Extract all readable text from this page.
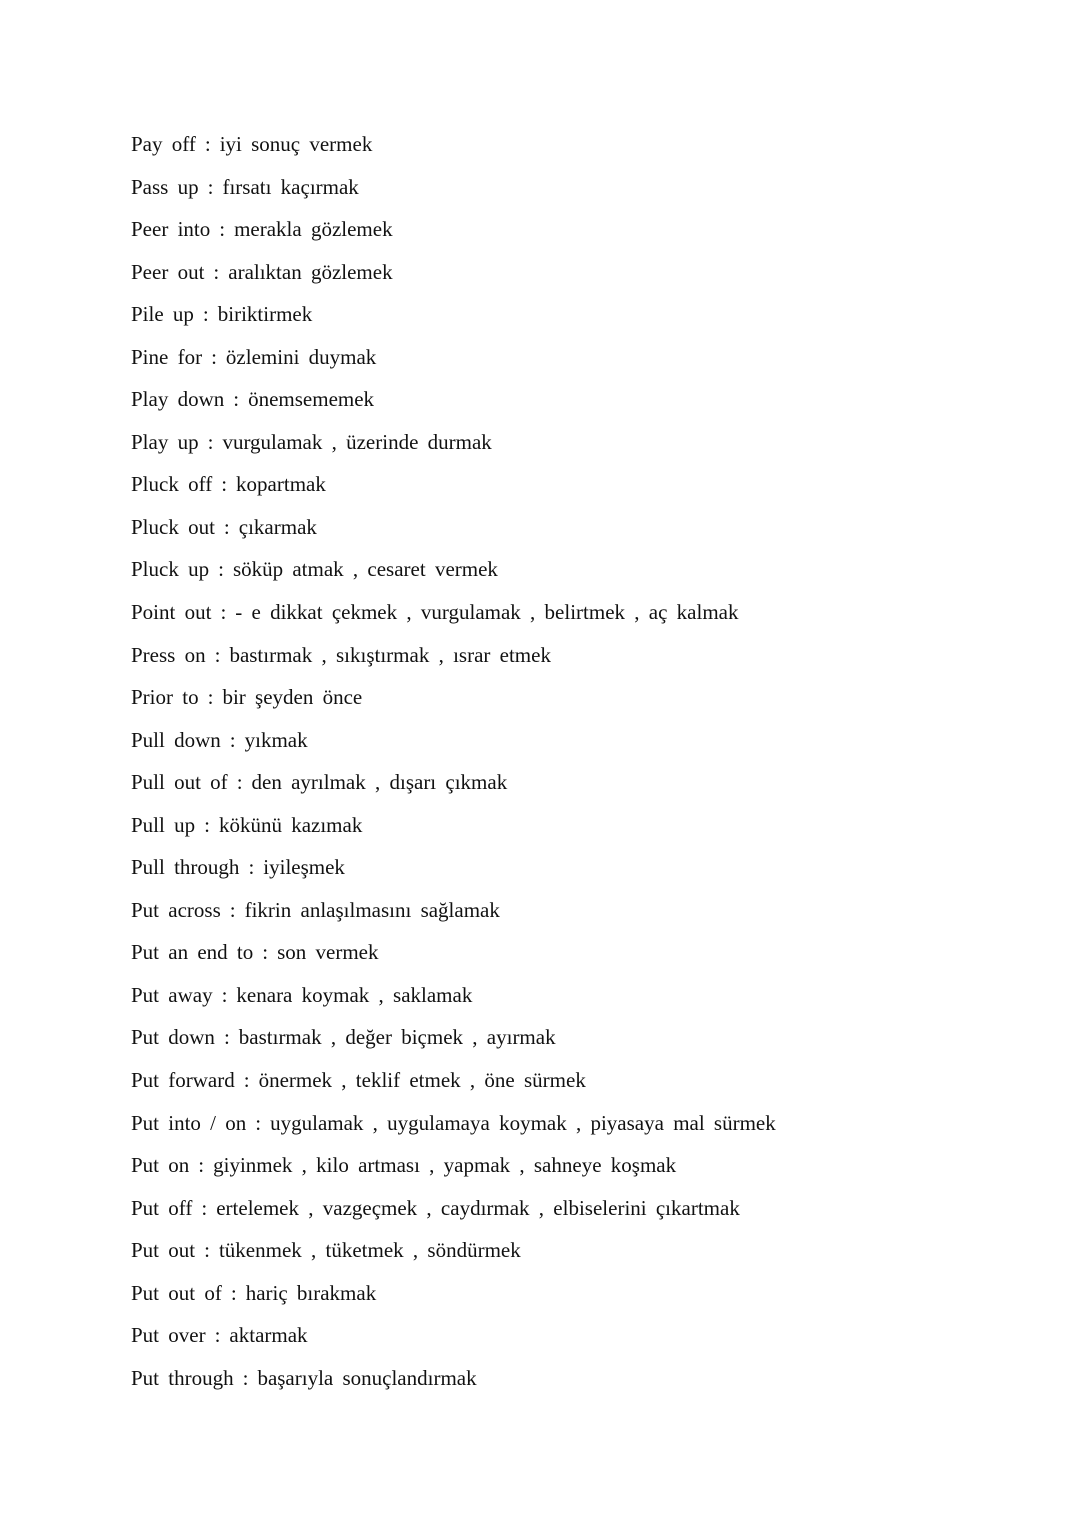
Pay off : iyi sonuç vermek
Pass up : fırsatı kaçırmak
Peer into : merakla gözlemek
Peer out : aralıktan gözlemek
Pile up : biriktirmek
Pine for : özlemini duymak
Play down : önemsememek
Play up : vurgulamak , üzerinde durmak
Pluck off : kopartmak
Pluck out : çıkarmak
Pluck up : söküp atmak , cesaret vermek
Point out : - e dikkat çekmek , vurgulamak , belirtmek , aç kalmak
Press on : bastırmak , sıkıştırmak , ısrar etmek
Prior to : bir şeyden önce
Pull down : yıkmak
Pull out of : den ayrılmak , dışarı çıkmak
Pull up : kökünü kazımak
Pull through : iyileşmek
Put across : fikrin anlaşılmasını sağlamak
Put an end to : son vermek
Put away : kenara koymak , saklamak
Put down : bastırmak , değer biçmek , ayırmak
Put forward : önermek , teklif etmek , öne sürmek
Put into / on : uygulamak , uygulamaya koymak , piyasaya mal sürmek
Put on : giyinmek , kilo artması , yapmak , sahneye koşmak
Put off : ertelemek , vazgeçmek , caydırmak , elbiselerini çıkartmak
Put out : tükenmek , tüketmek , söndürmek
Put out of : hariç bırakmak
Put over : aktarmak
Put through : başarıyla sonuçlandırmak
